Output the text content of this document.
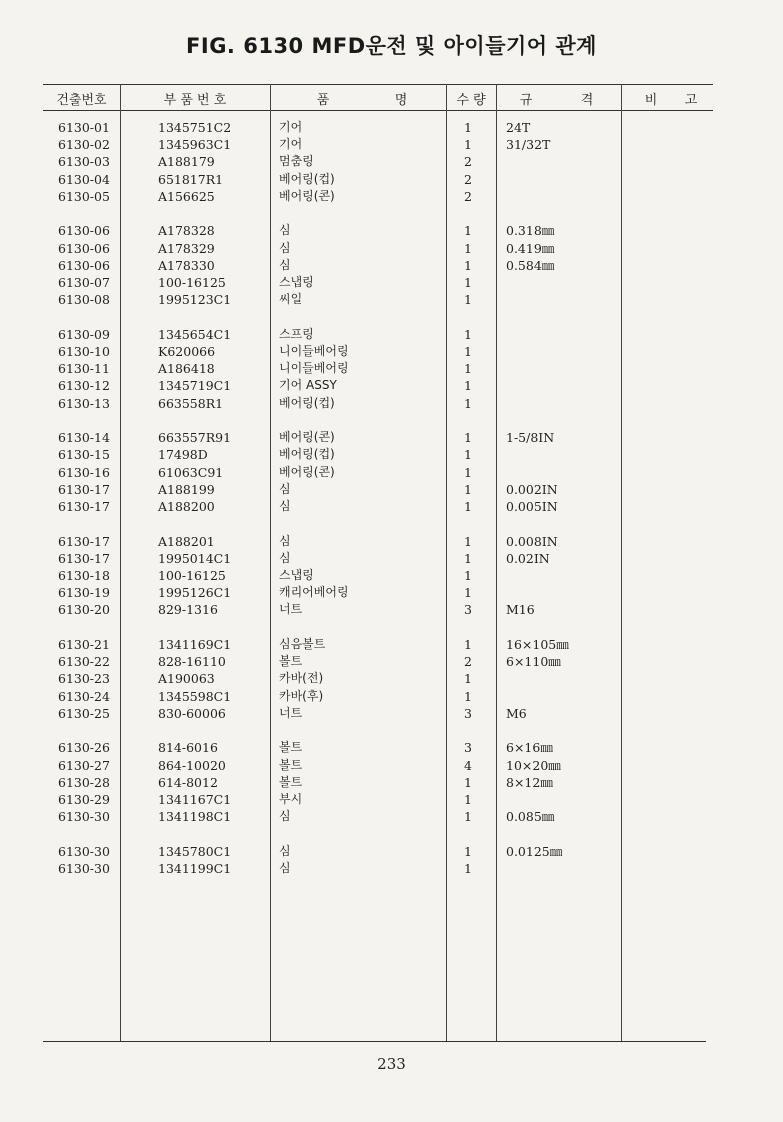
FIG. 6130 MFD운전 및 아이들기어 관계
건출번호	부 품 번 호	품	명	수 량	규	격	비 고
6130-01	1345751C2	기어	1	24T
6130-02	1345963C1	기어	1	31/32T
6130-03	A188179	멈춤링	2
6130-04	651817R1	베어링(컵)	2
6130-05	A156625	베어링(콘)	2
6130-06	A178328	심	1	0.318㎜
6130-06	A178329	심	1	0.419㎜
6130-06	A178330	심	1	0.584㎜
6130-07	100-16125	스냅링	1
6130-08	1995123C1	씨일	1
6130-09	1345654C1	스프링	1
6130-10	K620066	니이들베어링	1
6130-11	A186418	니이들베어링	1
6130-12	1345719C1	기어 ASSY	1
6130-13	663558R1	베어링(컵)	1
6130-14	663557R91	베어링(콘)	1	1-5/8IN
6130-15	17498D	베어링(컵)	1
6130-16	61063C91	베어링(콘)	1
6130-17	A188199	심	1	0.002IN
6130-17	A188200	심	1	0.005IN
6130-17	A188201	심	1	0.008IN
6130-17	1995014C1	심	1	0.02IN
6130-18	100-16125	스냅링	1
6130-19	1995126C1	캐리어베어링	1
6130-20	829-1316	너트	3	M16
6130-21	1341169C1	심음볼트	1	16×105㎜
6130-22	828-16110	볼트	2	6×110㎜
6130-23	A190063	카바(전)	1
6130-24	1345598C1	카바(후)	1
6130-25	830-60006	너트	3	M6
6130-26	814-6016	볼트	3	6×16㎜
6130-27	864-10020	볼트	4	10×20㎜
6130-28	614-8012	볼트	1	8×12㎜
6130-29	1341167C1	부시	1
6130-30	1341198C1	심	1	0.085㎜
6130-30	1345780C1	심	1	0.0125㎜
6130-30	1341199C1	심	1
233
